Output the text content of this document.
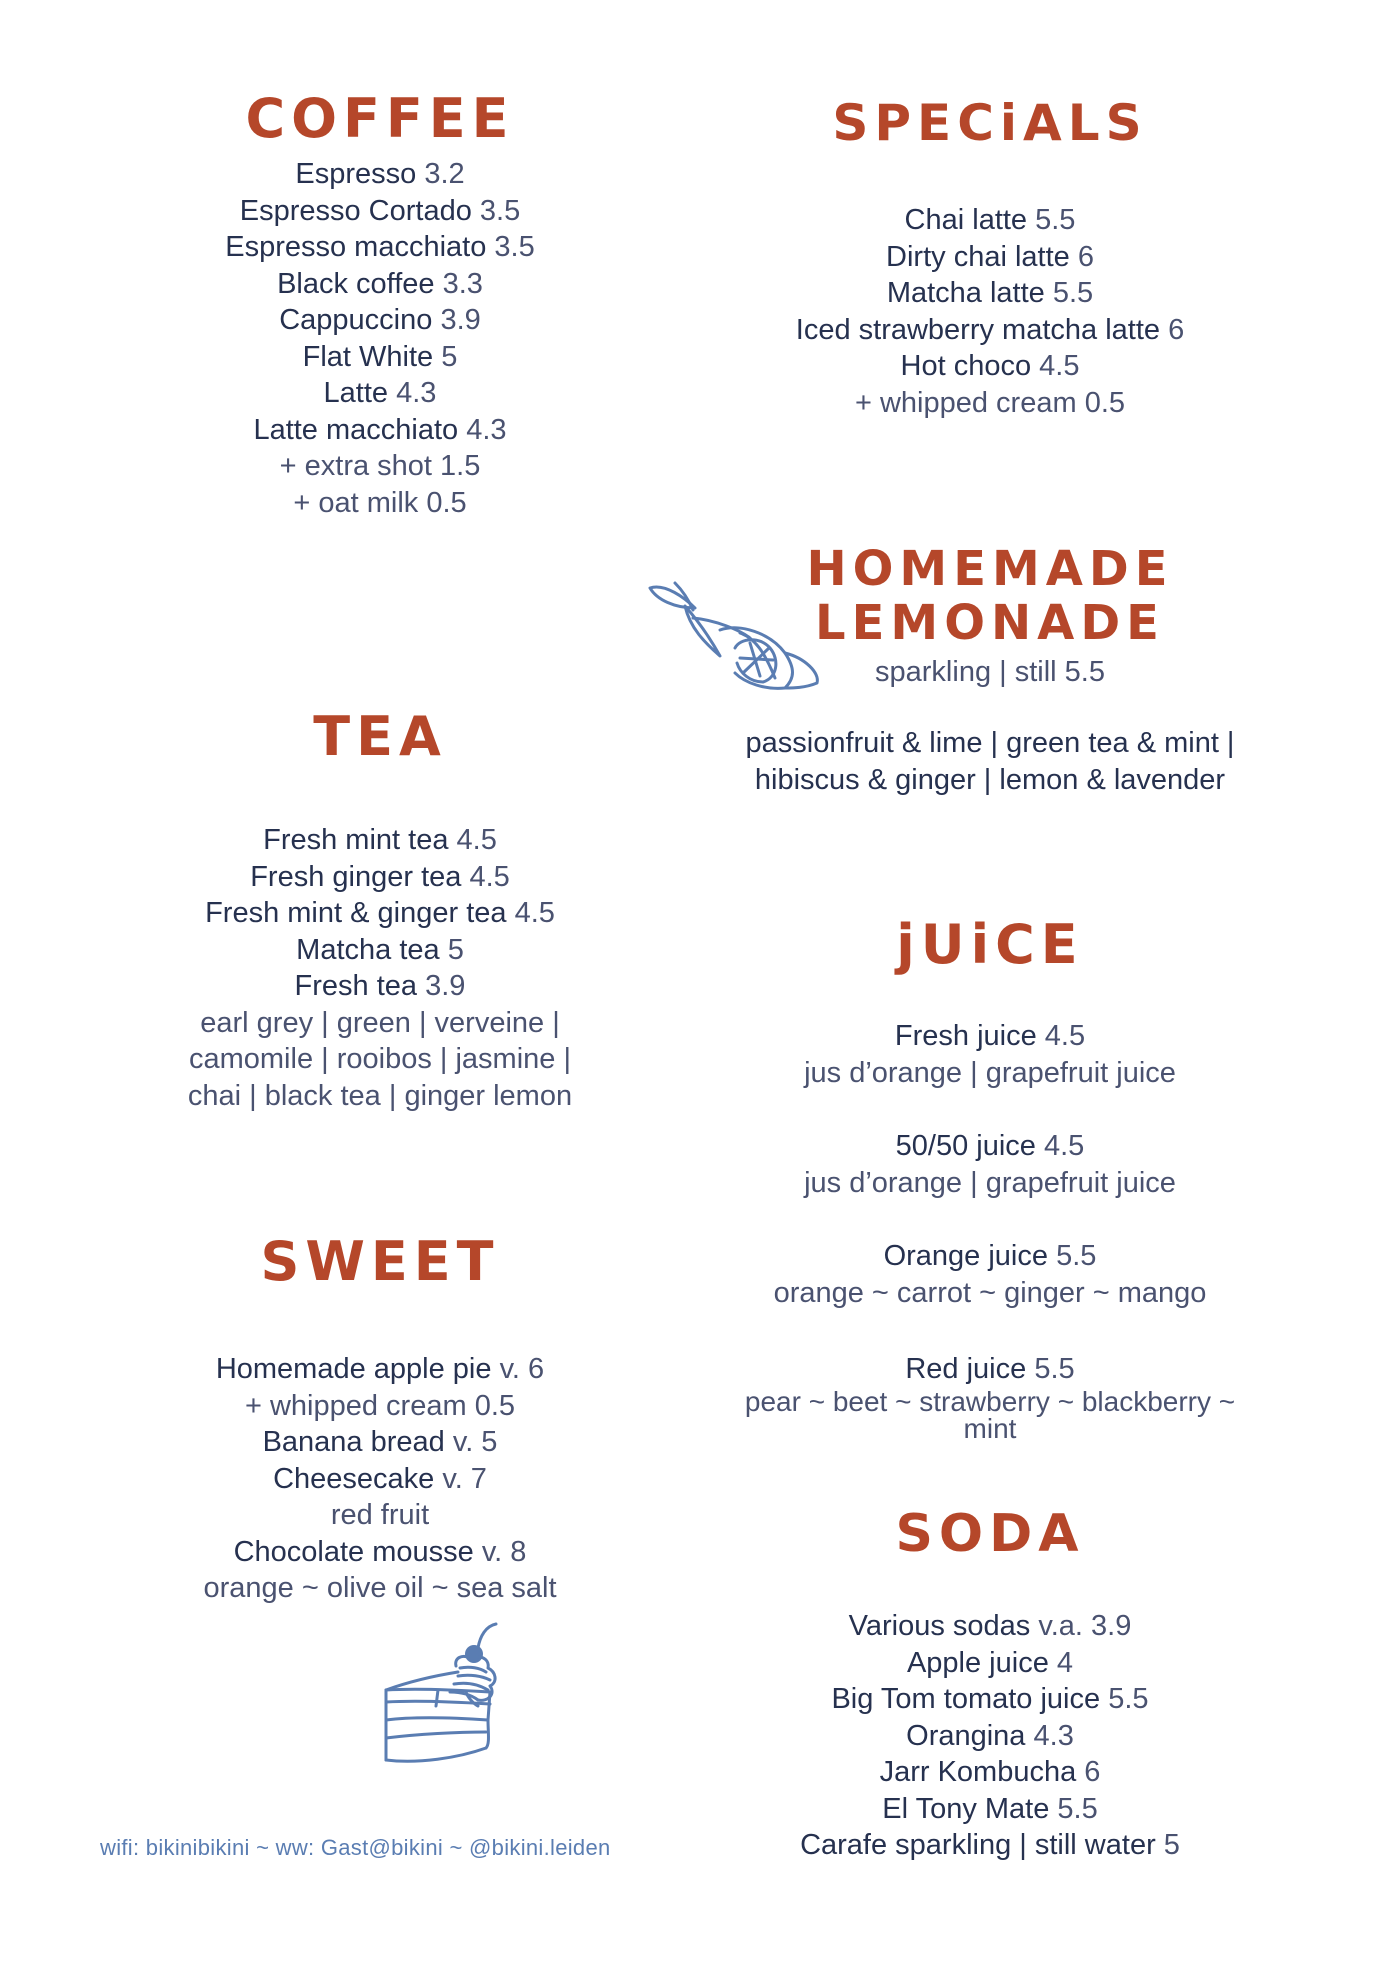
COFFEE

Espresso 3.2

Espresso Cortado 3.5

Espresso macchiato 3.5

Black coffee 3.3

Cappuccino 3.9

Flat White 5

Latte 4.3

Latte macchiato 4.3

+ extra shot 1.5

+ oat milk 0.5

SPECiALS

Chai latte 5.5

Dirty chai latte 6

Matcha latte 5.5

Iced strawberry matcha latte 6

Hot choco 4.5

+ whipped cream 0.5

HOMEMADE
LEMONADE

sparkling | still 5.5

passionfruit & lime | green tea & mint |

hibiscus & ginger | lemon & lavender

TEA

Fresh mint tea 4.5

Fresh ginger tea 4.5

Fresh mint & ginger tea 4.5

Matcha tea 5

Fresh tea 3.9

earl grey | green | verveine |

camomile | rooibos | jasmine |

chai | black tea | ginger lemon

jUiCE

Fresh juice 4.5

jus d’orange | grapefruit juice

50/50 juice 4.5

jus d’orange | grapefruit juice

Orange juice 5.5

orange ~ carrot ~ ginger ~ mango

Red juice 5.5

pear ~ beet ~ strawberry ~ blackberry ~

mint

SWEET

Homemade apple pie v. 6

+ whipped cream 0.5

Banana bread v. 5

Cheesecake v. 7

red fruit

Chocolate mousse v. 8

orange ~ olive oil ~ sea salt

SODA

Various sodas v.a. 3.9

Apple juice 4

Big Tom tomato juice 5.5

Orangina 4.3

Jarr Kombucha 6

El Tony Mate 5.5

Carafe sparkling | still water 5

wifi: bikinibikini ~ ww: Gast@bikini ~ @bikini.leiden
